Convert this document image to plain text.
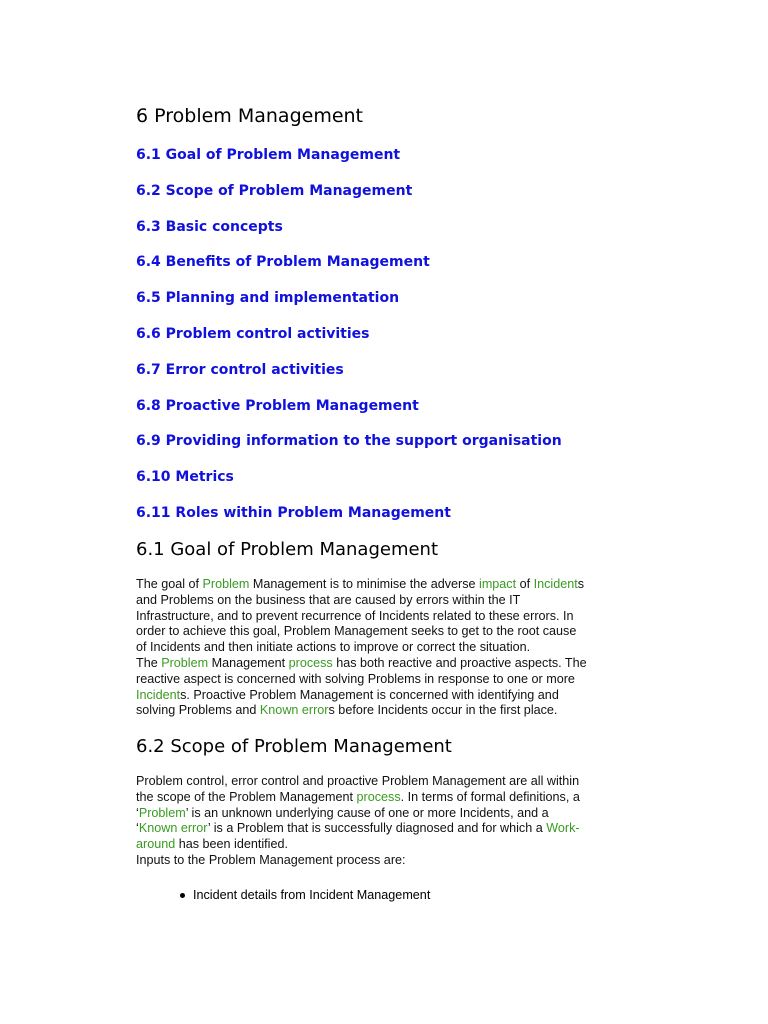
6 Problem Management
6.1 Goal of Problem Management
6.2 Scope of Problem Management
6.3 Basic concepts
6.4 Benefits of Problem Management
6.5 Planning and implementation
6.6 Problem control activities
6.7 Error control activities
6.8 Proactive Problem Management
6.9 Providing information to the support organisation
6.10 Metrics
6.11 Roles within Problem Management
6.1 Goal of Problem Management
The goal of Problem Management is to minimise the adverse impact of Incidents
and Problems on the business that are caused by errors within the IT
Infrastructure, and to prevent recurrence of Incidents related to these errors. In
order to achieve this goal, Problem Management seeks to get to the root cause
of Incidents and then initiate actions to improve or correct the situation.
The Problem Management process has both reactive and proactive aspects. The
reactive aspect is concerned with solving Problems in response to one or more
Incidents. Proactive Problem Management is concerned with identifying and
solving Problems and Known errors before Incidents occur in the first place.
6.2 Scope of Problem Management
Problem control, error control and proactive Problem Management are all within
the scope of the Problem Management process. In terms of formal definitions, a
‘Problem’ is an unknown underlying cause of one or more Incidents, and a
‘Known error’ is a Problem that is successfully diagnosed and for which a Work-
around has been identified.
Inputs to the Problem Management process are:
Incident details from Incident Management
